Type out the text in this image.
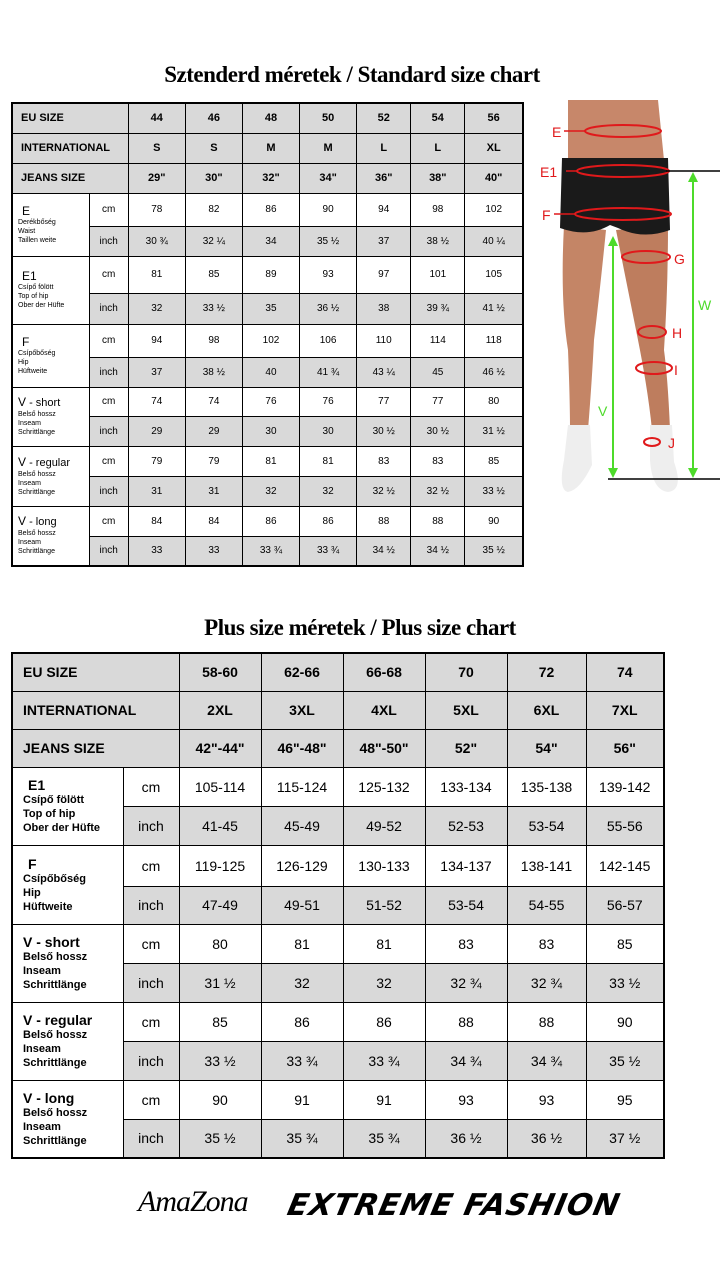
Sztenderd méretek / Standard size chart
EU SIZE		44	46	48	50	52	54	56
INTERNATIONAL		S	S	M	M	L	L	XL
JEANS SIZE		29"	30"	32"	34"	36"	38"	40"

E
Derékbőség
Waist
Taillen weite	cm	78	82	86	90	94	98	102
	inch	30 ¾	32 ¼	34	35 ½	37	38 ½	40 ¼

E1
Csípő fölött
Top of hip
Ober der Hüfte	cm	81	85	89	93	97	101	105
	inch	32	33 ½	35	36 ½	38	39 ¾	41 ½

F
Csípőbőség
Hip
Hüftweite	cm	94	98	102	106	110	114	118
	inch	37	38 ½	40	41 ¾	43 ¼	45	46 ½

V - short
Belső hossz
Inseam
Schrittlänge	cm	74	74	76	76	77	77	80
	inch	29	29	30	30	30 ½	30 ½	31 ½

V - regular
Belső hossz
Inseam
Schrittlänge	cm	79	79	81	81	83	83	85
	inch	31	31	32	32	32 ½	32 ½	33 ½

V - long
Belső hossz
Inseam
Schrittlänge	cm	84	84	86	86	88	88	90
	inch	33	33	33 ¾	33 ¾	34 ½	34 ½	35 ½
E
E1
F
G
H
I
J
W
V
Plus size méretek / Plus size chart
EU SIZE		58-60	62-66	66-68	70	72	74
INTERNATIONAL		2XL	3XL	4XL	5XL	6XL	7XL
JEANS SIZE		42"-44"	46"-48"	48"-50"	52"	54"	56"

E1
Csípő fölött
Top of hip
Ober der Hüfte	cm	105-114	115-124	125-132	133-134	135-138	139-142
	inch	41-45	45-49	49-52	52-53	53-54	55-56

F
Csípőbőség
Hip
Hüftweite	cm	119-125	126-129	130-133	134-137	138-141	142-145
	inch	47-49	49-51	51-52	53-54	54-55	56-57

V - short
Belső hossz
Inseam
Schrittlänge	cm	80	81	81	83	83	85
	inch	31 ½	32	32	32 ¾	32 ¾	33 ½

V - regular
Belső hossz
Inseam
Schrittlänge	cm	85	86	86	88	88	90
	inch	33 ½	33 ¾	33 ¾	34 ¾	34 ¾	35 ½

V - long
Belső hossz
Inseam
Schrittlänge	cm	90	91	91	93	93	95
	inch	35 ½	35 ¾	35 ¾	36 ½	36 ½	37 ½
AmaZona EXTREME FASHION
